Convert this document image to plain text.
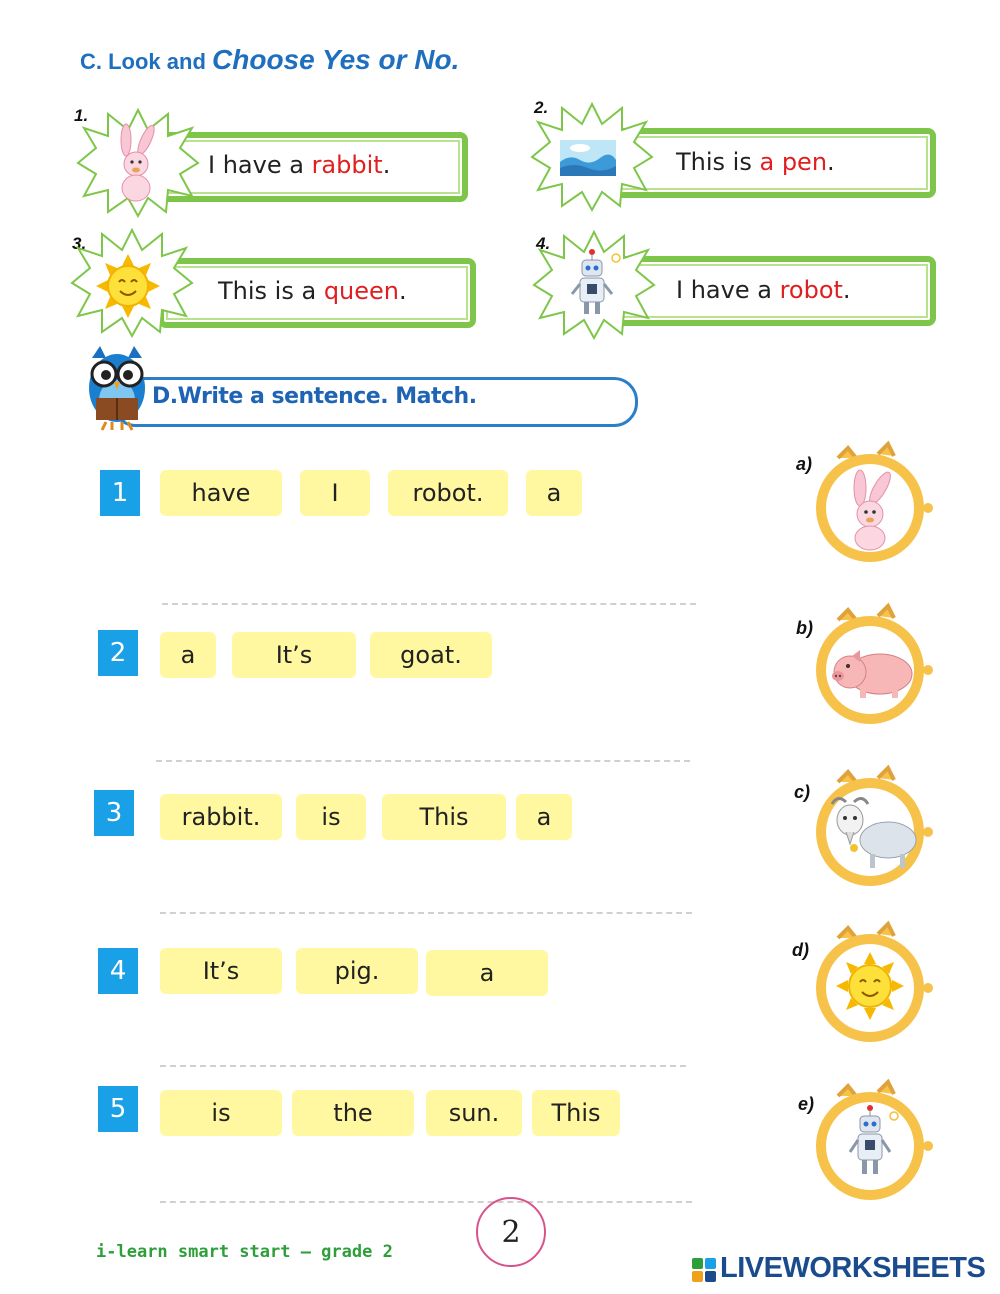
C. Look and Choose Yes or No.
1.
I have a rabbit.
2.
This is a pen.
3.
This is a queen.
4.
I have a robot.
D.Write a sentence. Match.
1	have	I	robot.	a
2	a	It’s	goat.
3	rabbit.	is	This	a
4	It’s	pig.	a
5	is	the	sun.	This
a)
b)
c)
d)
e)
2
i-learn smart start – grade 2	LIVEWORKSHEETS
